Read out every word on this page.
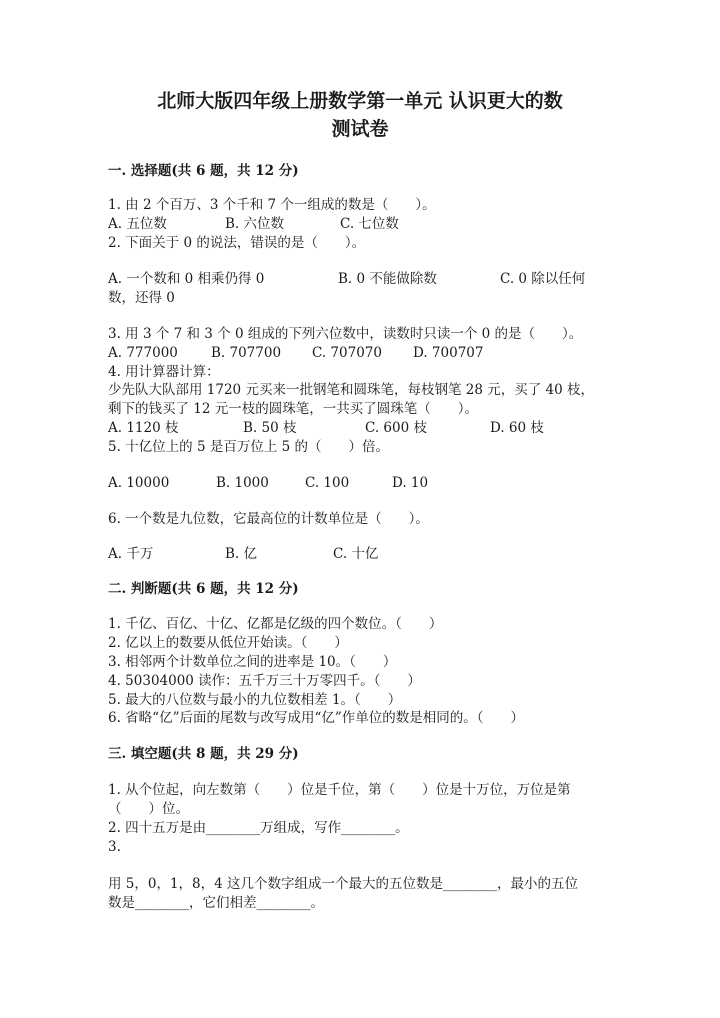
北师大版四年级上册数学第一单元 认识更大的数
测试卷
一. 选择题(共 6 题，共 12 分)
1. 由 2 个百万、3 个千和 7 个一组成的数是（　　）。
A. 五位数	B. 六位数	C. 七位数
2. 下面关于 0 的说法，错误的是（　　）。
A. 一个数和 0 相乘仍得 0	B. 0 不能做除数	C. 0 除以任何
数，还得 0
3. 用 3 个 7 和 3 个 0 组成的下列六位数中，读数时只读一个 0 的是（　　）。
A. 777000 B. 707700 C. 707070 D. 700707
4. 用计算器计算：
少先队大队部用 1720 元买来一批钢笔和圆珠笔，每枝钢笔 28 元，买了 40 枝，
剩下的钱买了 12 元一枝的圆珠笔，一共买了圆珠笔（　　）。
A. 1120 枝	B. 50 枝	C. 600 枝	D. 60 枝
5. 十亿位上的 5 是百万位上 5 的（　　）倍。
A. 10000	B. 1000	C. 100	D. 10
6. 一个数是九位数，它最高位的计数单位是（　　）。
A. 千万	B. 亿	C. 十亿
二. 判断题(共 6 题，共 12 分)
1. 千亿、百亿、十亿、亿都是亿级的四个数位。（　　）
2. 亿以上的数要从低位开始读。（　　）
3. 相邻两个计数单位之间的进率是 10。（　　）
4. 50304000 读作：五千万三十万零四千。（　　）
5. 最大的八位数与最小的九位数相差 1。（　　）
6. 省略“亿”后面的尾数与改写成用“亿”作单位的数是相同的。（　　）
三. 填空题(共 8 题，共 29 分)
1. 从个位起，向左数第（　　）位是千位，第（　　）位是十万位，万位是第
（　　）位。
2. 四十五万是由________万组成，写作________。
3.
用 5，0，1，8，4 这几个数字组成一个最大的五位数是________，最小的五位
数是________，它们相差________。
